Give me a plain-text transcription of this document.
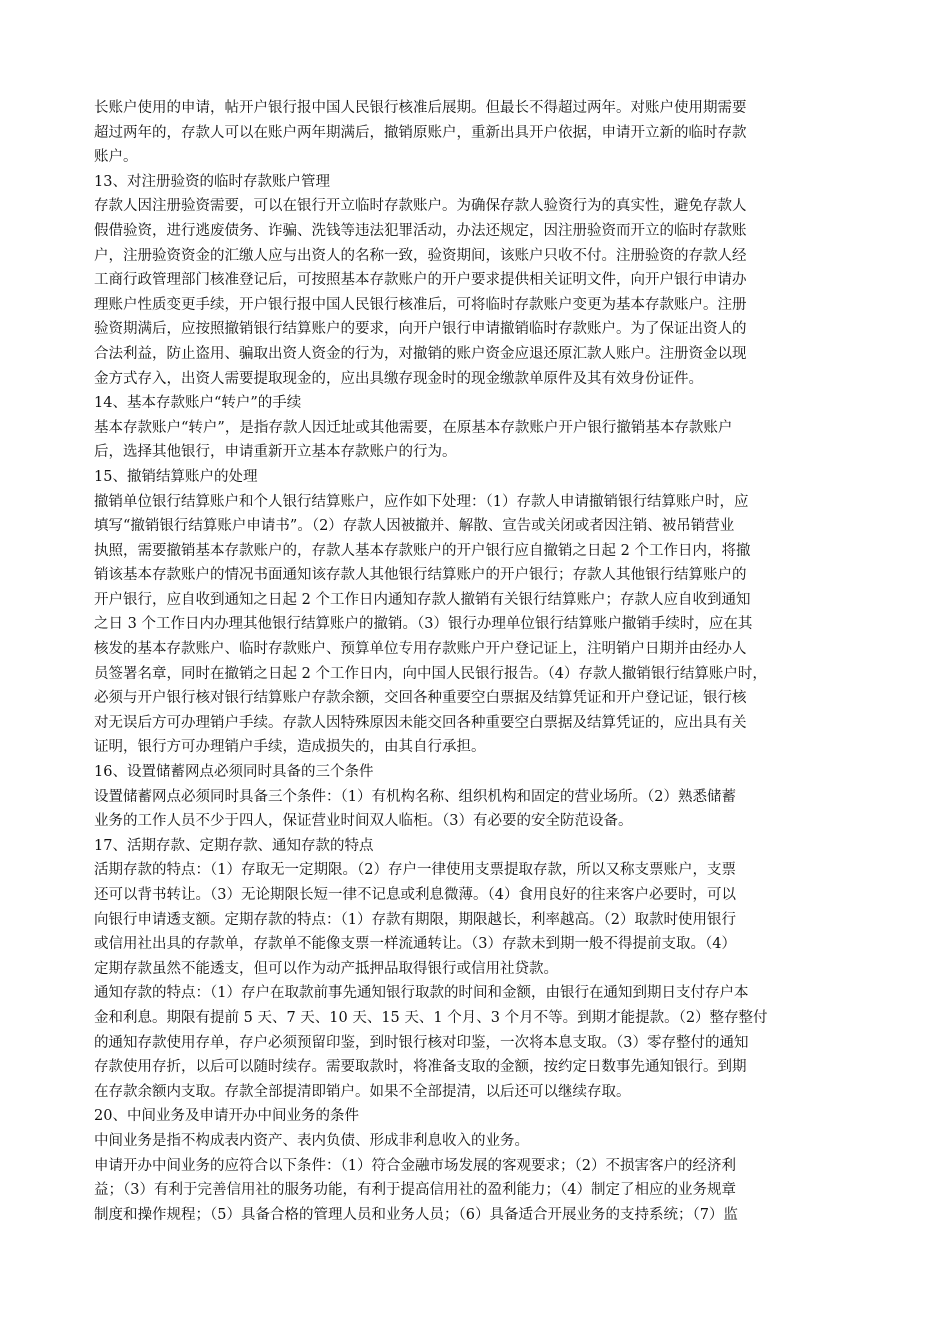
长账户使用的申请，帖开户银行报中国人民银行核准后展期。但最长不得超过两年。对账户使用期需要
超过两年的，存款人可以在账户两年期满后，撤销原账户，重新出具开户依据，申请开立新的临时存款
账户。
13、对注册验资的临时存款账户管理
存款人因注册验资需要，可以在银行开立临时存款账户。为确保存款人验资行为的真实性，避免存款人
假借验资，进行逃废债务、诈骗、洗钱等违法犯罪活动，办法还规定，因注册验资而开立的临时存款账
户，注册验资资金的汇缴人应与出资人的名称一致，验资期间，该账户只收不付。注册验资的存款人经
工商行政管理部门核准登记后，可按照基本存款账户的开户要求提供相关证明文件，向开户银行申请办
理账户性质变更手续，开户银行报中国人民银行核准后，可将临时存款账户变更为基本存款账户。注册
验资期满后，应按照撤销银行结算账户的要求，向开户银行申请撤销临时存款账户。为了保证出资人的
合法利益，防止盗用、骗取出资人资金的行为，对撤销的账户资金应退还原汇款人账户。注册资金以现
金方式存入，出资人需要提取现金的，应出具缴存现金时的现金缴款单原件及其有效身份证件。
14、基本存款账户“转户”的手续
基本存款账户“转户”，是指存款人因迁址或其他需要，在原基本存款账户开户银行撤销基本存款账户
后，选择其他银行，申请重新开立基本存款账户的行为。
15、撤销结算账户的处理
撤销单位银行结算账户和个人银行结算账户，应作如下处理：（1）存款人申请撤销银行结算账户时，应
填写“撤销银行结算账户申请书”。（2）存款人因被撤并、解散、宣告或关闭或者因注销、被吊销营业
执照，需要撤销基本存款账户的，存款人基本存款账户的开户银行应自撤销之日起 2 个工作日内，将撤
销该基本存款账户的情况书面通知该存款人其他银行结算账户的开户银行；存款人其他银行结算账户的
开户银行，应自收到通知之日起 2 个工作日内通知存款人撤销有关银行结算账户；存款人应自收到通知
之日 3 个工作日内办理其他银行结算账户的撤销。（3）银行办理单位银行结算账户撤销手续时，应在其
核发的基本存款账户、临时存款账户、预算单位专用存款账户开户登记证上，注明销户日期并由经办人
员签署名章，同时在撤销之日起 2 个工作日内，向中国人民银行报告。（4）存款人撤销银行结算账户时，
必须与开户银行核对银行结算账户存款余额，交回各种重要空白票据及结算凭证和开户登记证，银行核
对无误后方可办理销户手续。存款人因特殊原因未能交回各种重要空白票据及结算凭证的，应出具有关
证明，银行方可办理销户手续，造成损失的，由其自行承担。
16、设置储蓄网点必须同时具备的三个条件
设置储蓄网点必须同时具备三个条件：（1）有机构名称、组织机构和固定的营业场所。（2）熟悉储蓄
业务的工作人员不少于四人，保证营业时间双人临柜。（3）有必要的安全防范设备。
17、活期存款、定期存款、通知存款的特点
活期存款的特点：（1）存取无一定期限。（2）存户一律使用支票提取存款，所以又称支票账户，支票
还可以背书转让。（3）无论期限长短一律不记息或利息微薄。（4）食用良好的往来客户必要时，可以
向银行申请透支额。定期存款的特点：（1）存款有期限，期限越长，利率越高。（2）取款时使用银行
或信用社出具的存款单，存款单不能像支票一样流通转让。（3）存款未到期一般不得提前支取。（4）
定期存款虽然不能透支，但可以作为动产抵押品取得银行或信用社贷款。
通知存款的特点：（1）存户在取款前事先通知银行取款的时间和金额，由银行在通知到期日支付存户本
金和利息。期限有提前 5 天、7 天、10 天、15 天、1 个月、3 个月不等。到期才能提款。（2）整存整付
的通知存款使用存单，存户必须预留印鉴，到时银行核对印鉴，一次将本息支取。（3）零存整付的通知
存款使用存折，以后可以随时续存。需要取款时，将准备支取的金额，按约定日数事先通知银行。到期
在存款余额内支取。存款全部提清即销户。如果不全部提清，以后还可以继续存取。
20、中间业务及申请开办中间业务的条件
中间业务是指不构成表内资产、表内负债、形成非利息收入的业务。
申请开办中间业务的应符合以下条件：（1）符合金融市场发展的客观要求；（2）不损害客户的经济利
益；（3）有利于完善信用社的服务功能，有利于提高信用社的盈利能力；（4）制定了相应的业务规章
制度和操作规程；（5）具备合格的管理人员和业务人员；（6）具备适合开展业务的支持系统；（7）监
